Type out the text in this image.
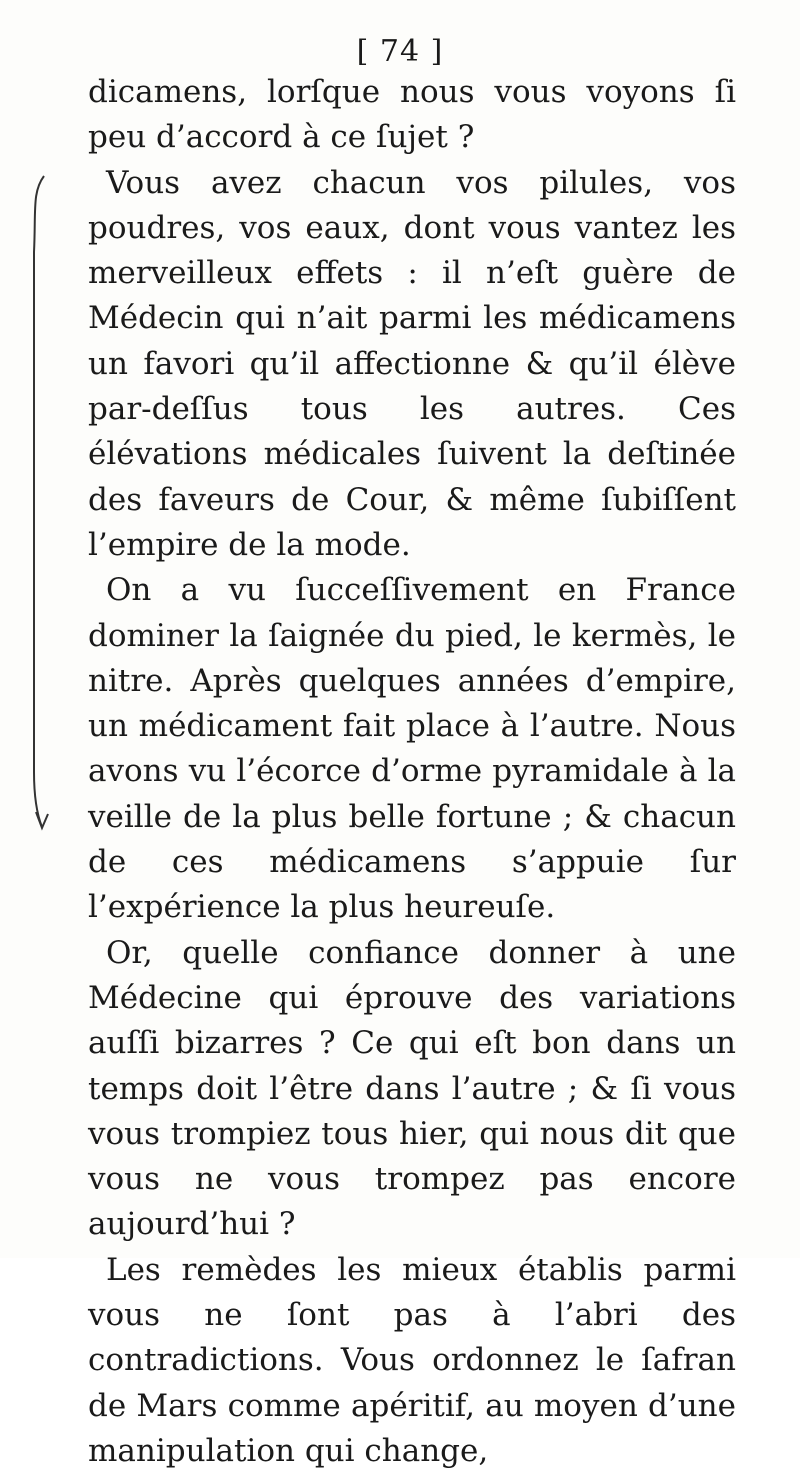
[ 74 ]

dicamens, lorſque nous vous voyons ſi peu d’accord à ce ſujet ?

Vous avez chacun vos pilules, vos poudres, vos eaux, dont vous vantez les merveilleux effets : il n’eſt guère de Médecin qui n’ait parmi les médicamens un favori qu’il affectionne & qu’il élève par-deſſus tous les autres. Ces élévations médicales ſuivent la deſtinée des faveurs de Cour, & même ſubiſſent l’empire de la mode.

On a vu ſucceſſivement en France dominer la ſaignée du pied, le kermès, le nitre. Après quelques années d’empire, un médicament fait place à l’autre. Nous avons vu l’écorce d’orme pyramidale à la veille de la plus belle fortune ; & chacun de ces médicamens s’appuie ſur l’expérience la plus heureuſe.

Or, quelle confiance donner à une Médecine qui éprouve des variations auſſi bizarres ? Ce qui eſt bon dans un temps doit l’être dans l’autre ; & ſi vous vous trompiez tous hier, qui nous dit que vous ne vous trompez pas encore aujourd’hui ?

Les remèdes les mieux établis parmi vous ne ſont pas à l’abri des contradictions. Vous ordonnez le ſafran de Mars comme apéritif, au moyen d’une manipulation qui change,
